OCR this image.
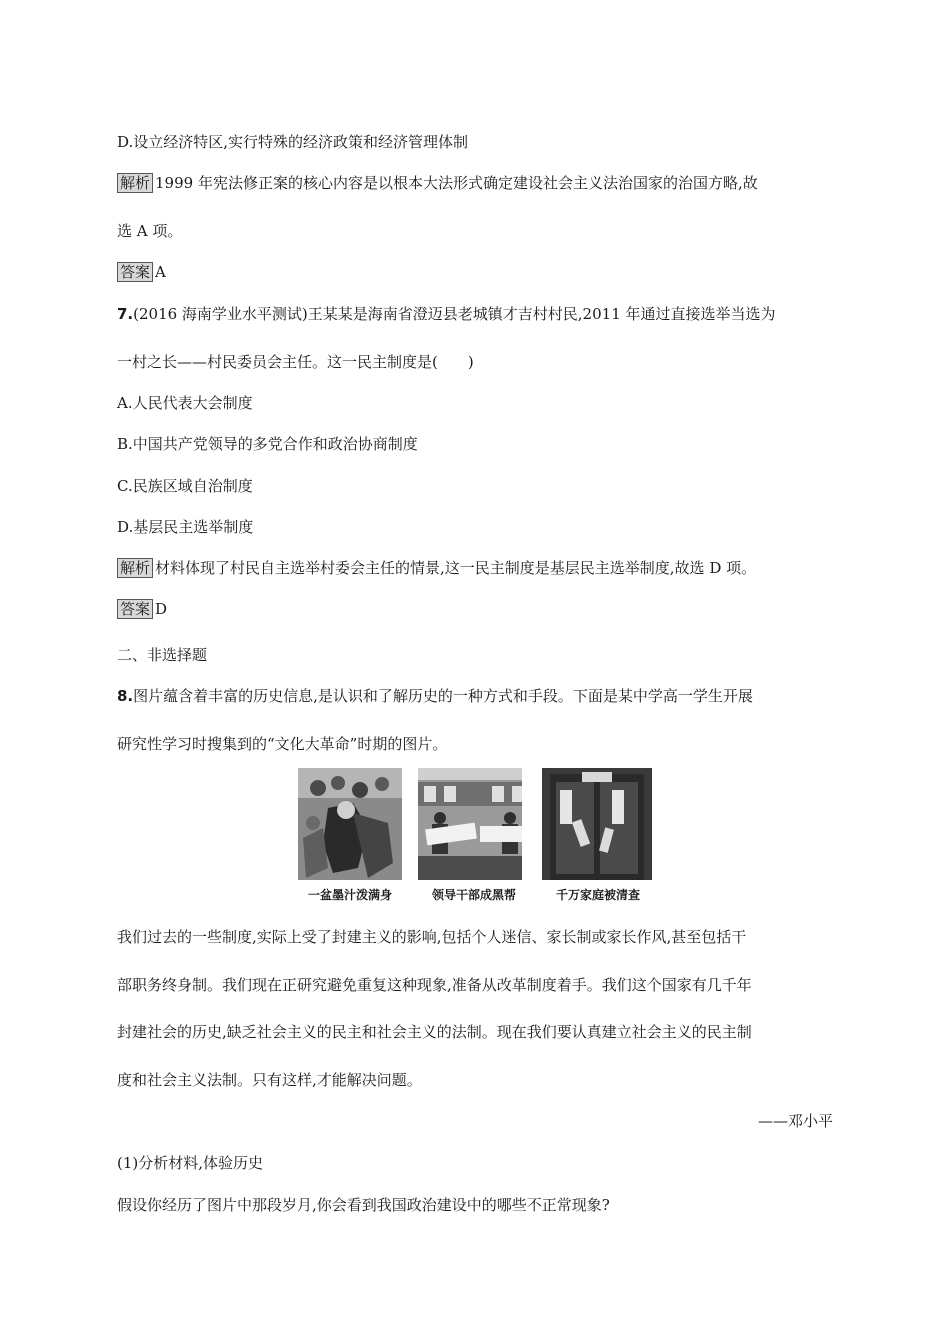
D.设立经济特区,实行特殊的经济政策和经济管理体制
解析 1999 年宪法修正案的核心内容是以根本大法形式确定建设社会主义法治国家的治国方略,故
选 A 项。
答案 A
7.(2016 海南学业水平测试)王某某是海南省澄迈县老城镇才吉村村民,2011 年通过直接选举当选为
一村之长——村民委员会主任。这一民主制度是(　　)
A.人民代表大会制度
B.中国共产党领导的多党合作和政治协商制度
C.民族区域自治制度
D.基层民主选举制度
解析 材料体现了村民自主选举村委会主任的情景,这一民主制度是基层民主选举制度,故选 D 项。
答案 D
二、非选择题
8.图片蕴含着丰富的历史信息,是认识和了解历史的一种方式和手段。下面是某中学高一学生开展
研究性学习时搜集到的“文化大革命”时期的图片。
一盆墨汁泼满身	领导干部成黑帮	千万家庭被清查
我们过去的一些制度,实际上受了封建主义的影响,包括个人迷信、家长制或家长作风,甚至包括干
部职务终身制。我们现在正研究避免重复这种现象,准备从改革制度着手。我们这个国家有几千年
封建社会的历史,缺乏社会主义的民主和社会主义的法制。现在我们要认真建立社会主义的民主制
度和社会主义法制。只有这样,才能解决问题。
——邓小平
(1)分析材料,体验历史
假设你经历了图片中那段岁月,你会看到我国政治建设中的哪些不正常现象?
